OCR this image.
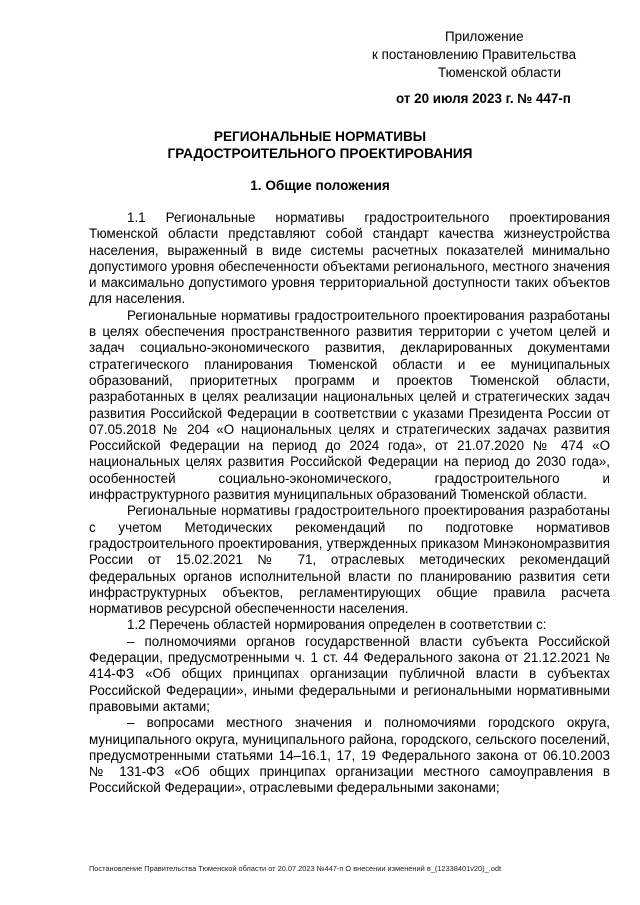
Приложение
к постановлению Правительства
Тюменской области
от 20 июля 2023 г. № 447-п
РЕГИОНАЛЬНЫЕ НОРМАТИВЫ
ГРАДОСТРОИТЕЛЬНОГО ПРОЕКТИРОВАНИЯ
1. Общие положения

1.1 Региональные нормативы градостроительного проектирования Тюменской области представляют собой стандарт качества жизнеустройства населения, выраженный в виде системы расчетных показателей минимально допустимого уровня обеспеченности объектами регионального, местного значения и максимально допустимого уровня территориальной доступности таких объектов для населения.

Региональные нормативы градостроительного проектирования разработаны в целях обеспечения пространственного развития территории с учетом целей и задач социально-экономического развития, декларированных документами стратегического планирования Тюменской области и ее муниципальных образований, приоритетных программ и проектов Тюменской области, разработанных в целях реализации национальных целей и стратегических задач развития Российской Федерации в соответствии с указами Президента России от 07.05.2018 № 204 «О национальных целях и стратегических задачах развития Российской Федерации на период до 2024 года», от 21.07.2020 № 474 «О национальных целях развития Российской Федерации на период до 2030 года», особенностей социально-экономического, градостроительного и инфраструктурного развития муниципальных образований Тюменской области.

Региональные нормативы градостроительного проектирования разработаны с учетом Методических рекомендаций по подготовке нормативов градостроительного проектирования, утвержденных приказом Минэкономразвития России от 15.02.2021 № 71, отраслевых методических рекомендаций федеральных органов исполнительной власти по планированию развития сети инфраструктурных объектов, регламентирующих общие правила расчета нормативов ресурсной обеспеченности населения.

1.2 Перечень областей нормирования определен в соответствии с:

– полномочиями органов государственной власти субъекта Российской Федерации, предусмотренными ч. 1 ст. 44 Федерального закона от 21.12.2021 № 414-ФЗ «Об общих принципах организации публичной власти в субъектах Российской Федерации», иными федеральными и региональными нормативными правовыми актами;

– вопросами местного значения и полномочиями городского округа, муниципального округа, муниципального района, городского, сельского поселений, предусмотренными статьями 14–16.1, 17, 19 Федерального закона от 06.10.2003 № 131-ФЗ «Об общих принципах организации местного самоуправления в Российской Федерации», отраслевыми федеральными законами;

Постановление Правительства Тюменской области от 20.07.2023 №447-п О внесении изменений в_(12338401v20)_.odt
